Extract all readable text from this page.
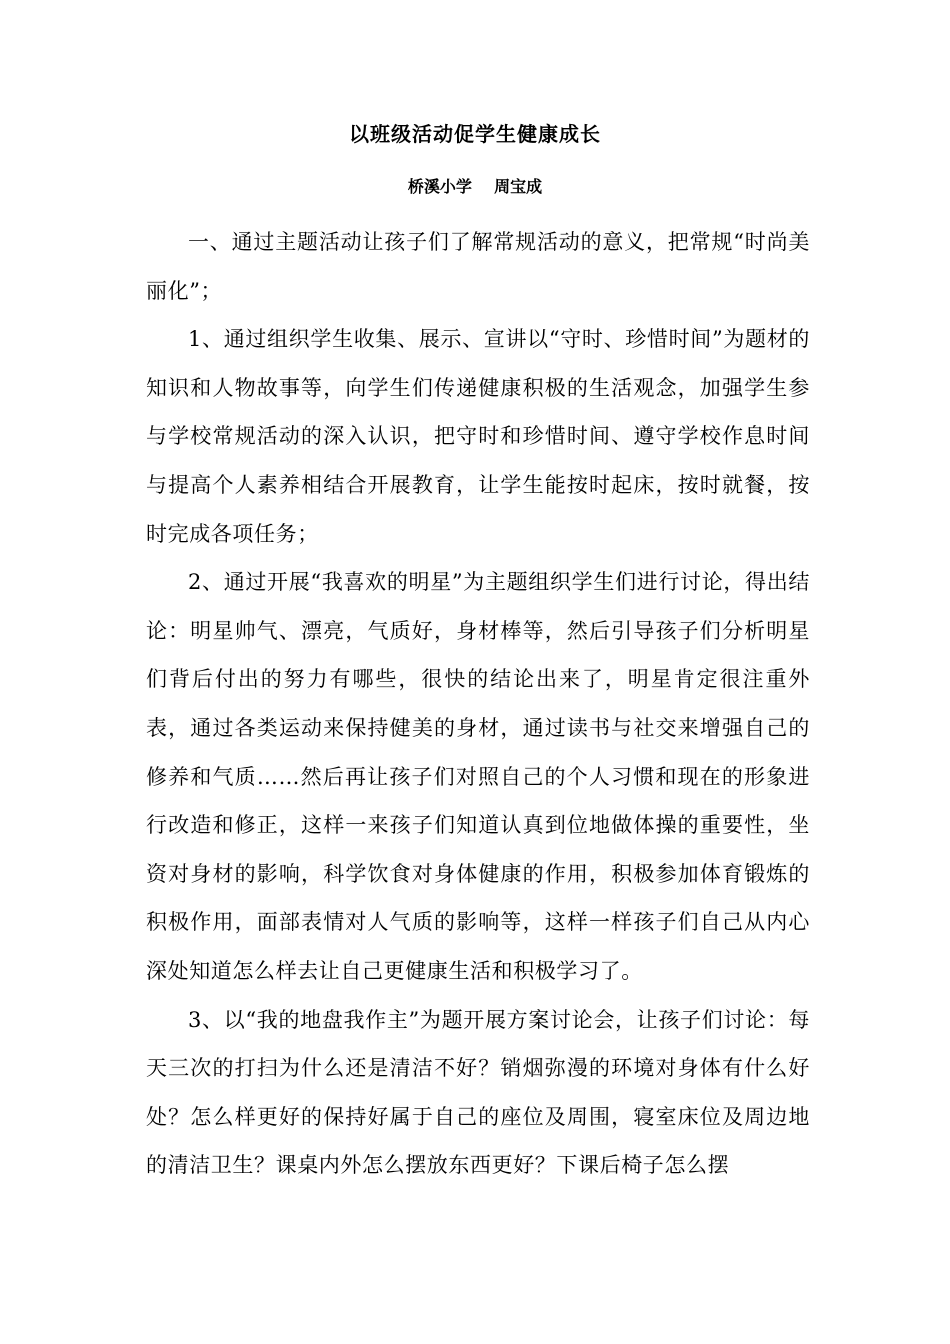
以班级活动促学生健康成长
桥溪小学    周宝成

一、通过主题活动让孩子们了解常规活动的意义，把常规“时尚美丽化”；

1、通过组织学生收集、展示、宣讲以“守时、珍惜时间”为题材的知识和人物故事等，向学生们传递健康积极的生活观念，加强学生参与学校常规活动的深入认识，把守时和珍惜时间、遵守学校作息时间与提高个人素养相结合开展教育，让学生能按时起床，按时就餐，按时完成各项任务；

2、通过开展“我喜欢的明星”为主题组织学生们进行讨论，得出结论：明星帅气、漂亮，气质好，身材棒等，然后引导孩子们分析明星们背后付出的努力有哪些，很快的结论出来了，明星肯定很注重外表，通过各类运动来保持健美的身材，通过读书与社交来增强自己的修养和气质……然后再让孩子们对照自己的个人习惯和现在的形象进行改造和修正，这样一来孩子们知道认真到位地做体操的重要性，坐资对身材的影响，科学饮食对身体健康的作用，积极参加体育锻炼的积极作用，面部表情对人气质的影响等，这样一样孩子们自己从内心深处知道怎么样去让自己更健康生活和积极学习了。

3、以“我的地盘我作主”为题开展方案讨论会，让孩子们讨论：每天三次的打扫为什么还是清洁不好？销烟弥漫的环境对身体有什么好处？怎么样更好的保持好属于自己的座位及周围，寝室床位及周边地的清洁卫生？课桌内外怎么摆放东西更好？下课后椅子怎么摆
